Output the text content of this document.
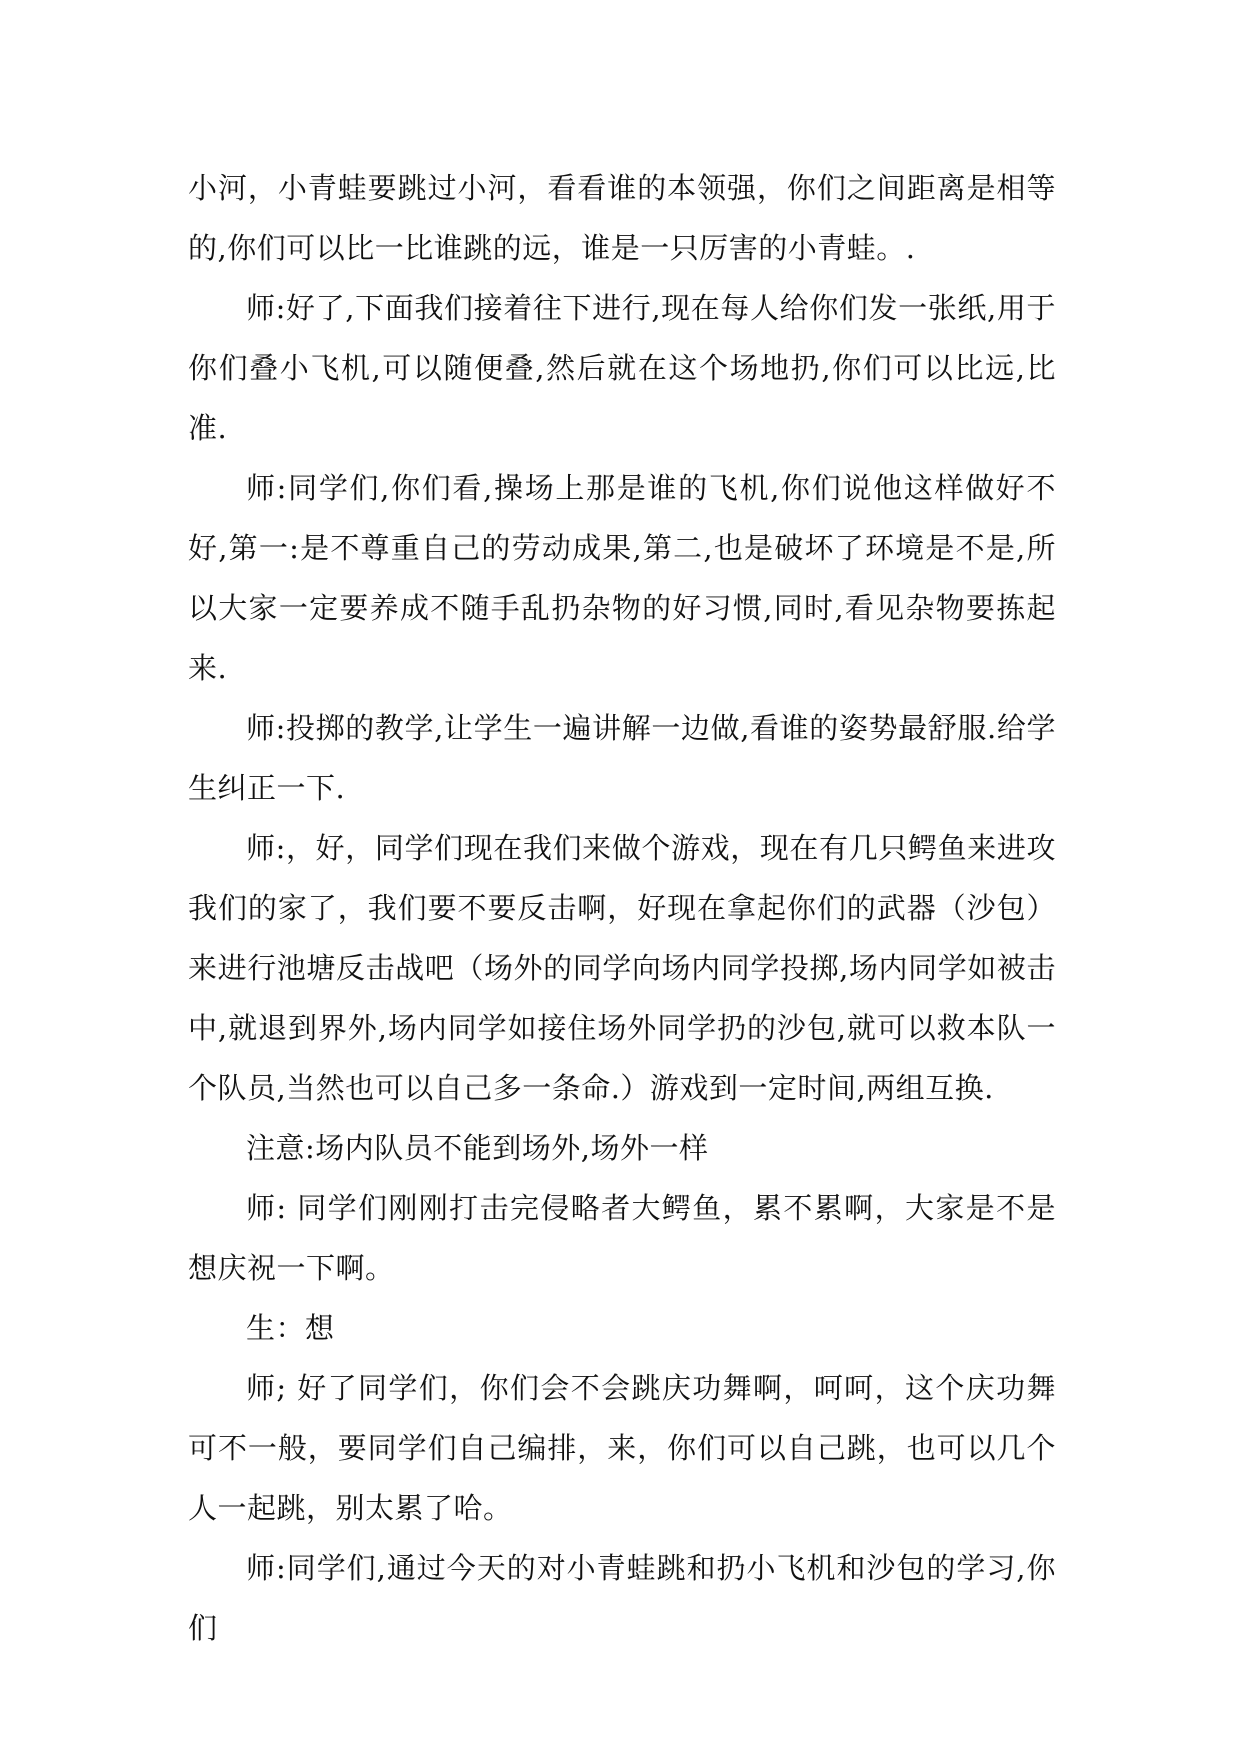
小河，小青蛙要跳过小河，看看谁的本领强，你们之间距离是相等的,你们可以比一比谁跳的远，谁是一只厉害的小青蛙。.

师:好了,下面我们接着往下进行,现在每人给你们发一张纸,用于你们叠小飞机,可以随便叠,然后就在这个场地扔,你们可以比远,比准.

师:同学们,你们看,操场上那是谁的飞机,你们说他这样做好不好,第一:是不尊重自己的劳动成果,第二,也是破坏了环境是不是,所以大家一定要养成不随手乱扔杂物的好习惯,同时,看见杂物要拣起来.

师:投掷的教学,让学生一遍讲解一边做,看谁的姿势最舒服.给学生纠正一下.

师:，好，同学们现在我们来做个游戏，现在有几只鳄鱼来进攻我们的家了，我们要不要反击啊，好现在拿起你们的武器（沙包）来进行池塘反击战吧（场外的同学向场内同学投掷,场内同学如被击中,就退到界外,场内同学如接住场外同学扔的沙包,就可以救本队一个队员,当然也可以自己多一条命.）游戏到一定时间,两组互换.

注意:场内队员不能到场外,场外一样

师: 同学们刚刚打击完侵略者大鳄鱼，累不累啊，大家是不是想庆祝一下啊。

生：想

师; 好了同学们，你们会不会跳庆功舞啊，呵呵，这个庆功舞可不一般，要同学们自己编排，来，你们可以自己跳，也可以几个人一起跳，别太累了哈。

师:同学们,通过今天的对小青蛙跳和扔小飞机和沙包的学习,你们
